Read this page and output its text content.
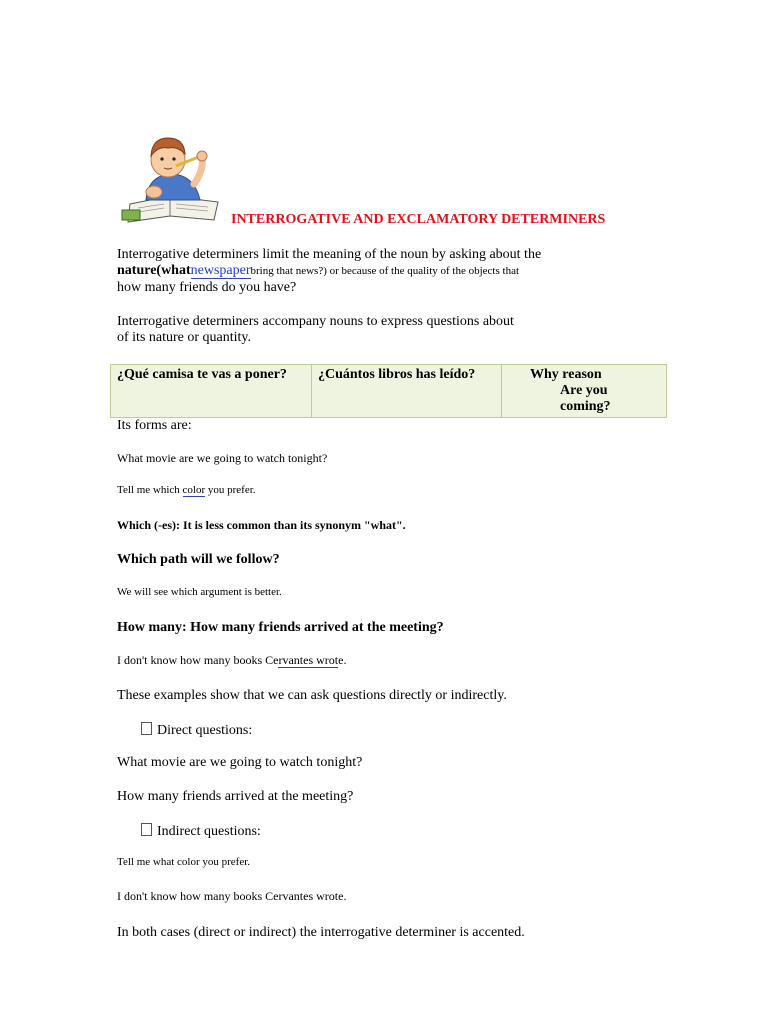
INTERROGATIVE AND EXCLAMATORY DETERMINERS
Interrogative determiners limit the meaning of the noun by asking about the
nature(whatnewspaperbring that news?) or because of the quality of the objects that
how many friends do you have?
Interrogative determiners accompany nouns to express questions about
of its nature or quantity.
¿Qué camisa te vas a poner?	¿Cuántos libros has leído?	Why reason
Are you coming?
Its forms are:
What movie are we going to watch tonight?
Tell me which color you prefer.
Which (-es): It is less common than its synonym "what".
Which path will we follow?
We will see which argument is better.
How many: How many friends arrived at the meeting?
I don't know how many books Cervantes wrote.
These examples show that we can ask questions directly or indirectly.
Direct questions:
What movie are we going to watch tonight?
How many friends arrived at the meeting?
Indirect questions:
Tell me what color you prefer.
I don't know how many books Cervantes wrote.
In both cases (direct or indirect) the interrogative determiner is accented.
